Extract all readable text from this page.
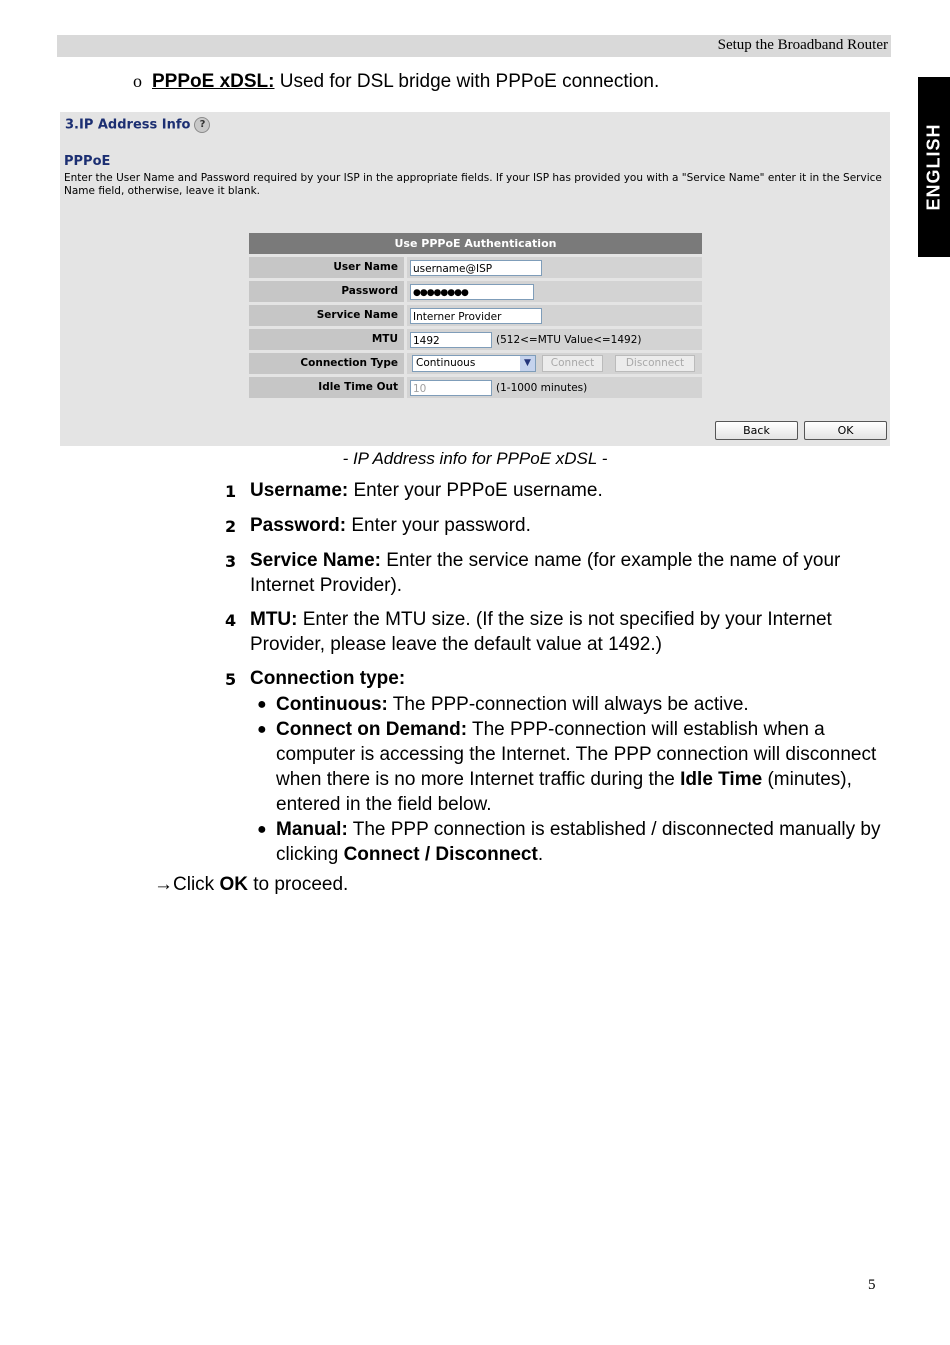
Setup the Broadband Router
ENGLISH
o PPPoE xDSL: Used for DSL bridge with PPPoE connection.
3.IP Address Info ?
PPPoE
Enter the User Name and Password required by your ISP in the appropriate fields. If your ISP has provided you with a "Service Name" enter it in the Service Name field, otherwise, leave it blank.
Use PPPoE Authentication
User Name	username@ISP
Password	●●●●●●●●
Service Name	Interner Provider
MTU	1492	(512<=MTU Value<=1492)
Connection Type	Continuous	▼	Connect	Disconnect
Idle Time Out	10	(1-1000 minutes)
Back	OK
- IP Address info for PPPoE xDSL -
1 Username: Enter your PPPoE username.
2 Password: Enter your password.
3 Service Name: Enter the service name (for example the name of your Internet Provider).
4 MTU: Enter the MTU size. (If the size is not specified by your Internet Provider, please leave the default value at 1492.)
5 Connection type:
● Continuous: The PPP-connection will always be active.
● Connect on Demand: The PPP-connection will establish when a computer is accessing the Internet. The PPP connection will disconnect when there is no more Internet traffic during the Idle Time (minutes), entered in the field below.
● Manual: The PPP connection is established / disconnected manually by clicking Connect / Disconnect.
→Click OK to proceed.
5
